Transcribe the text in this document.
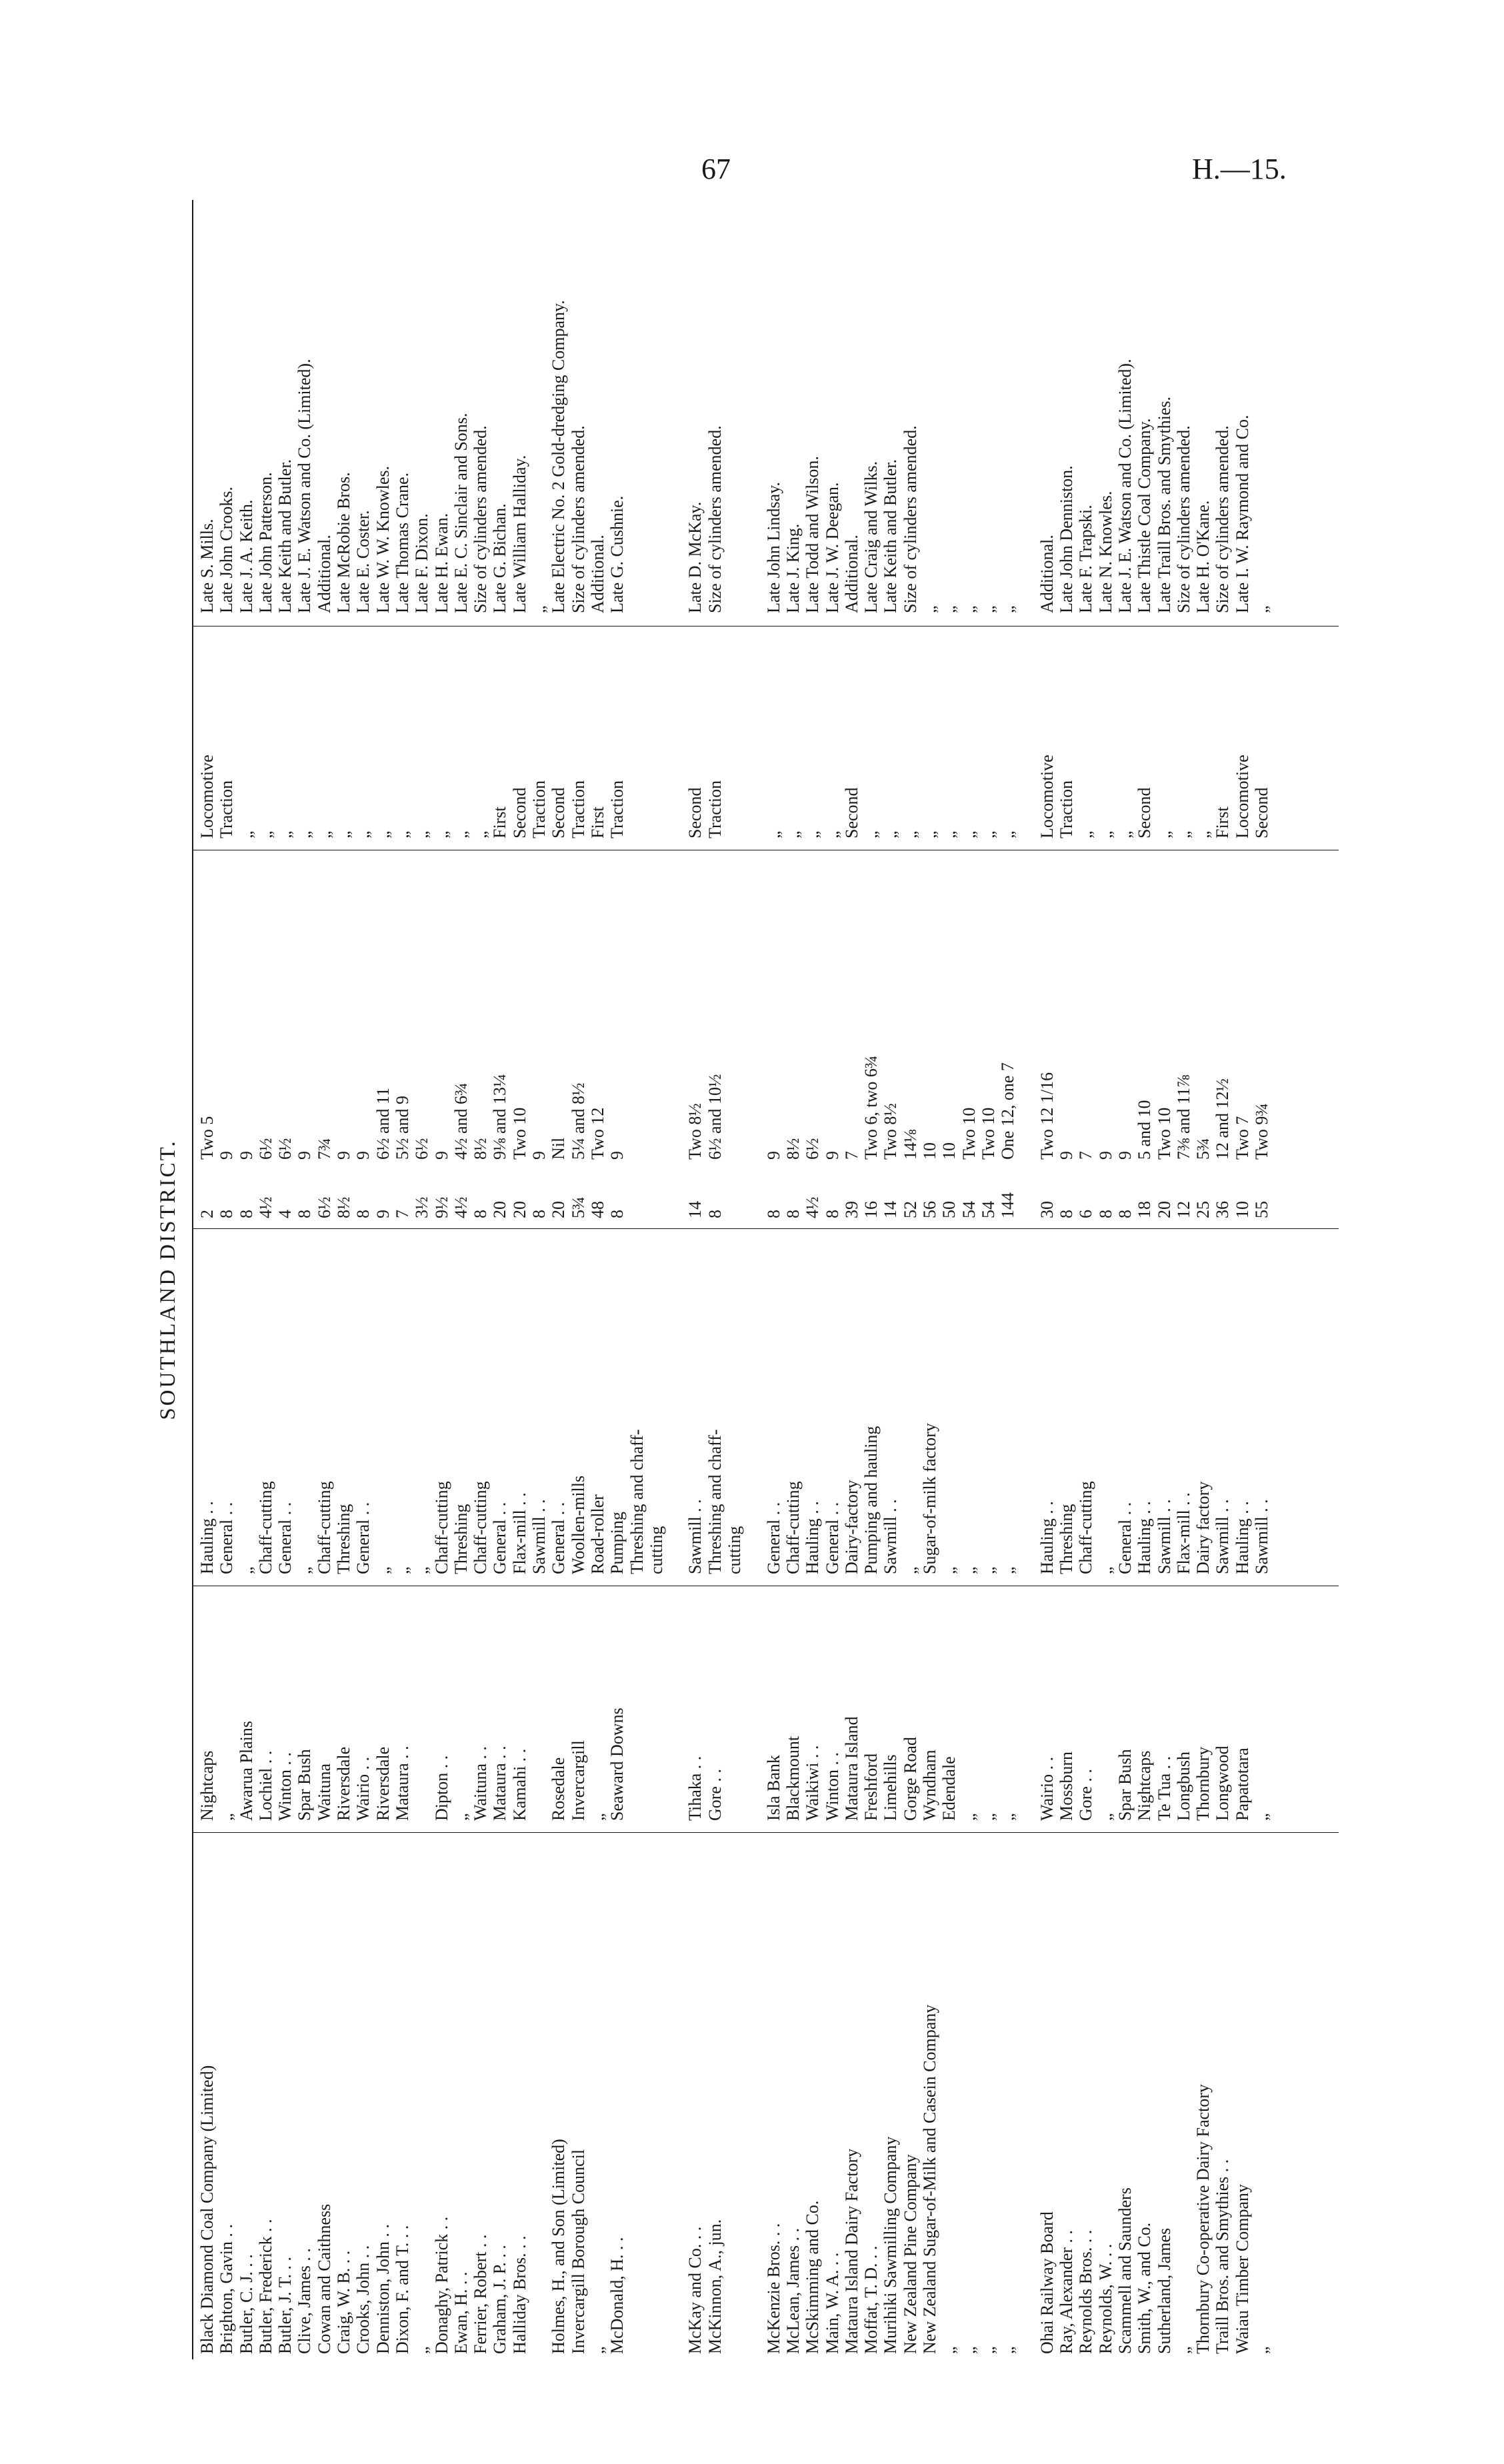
67	H.—15.
SOUTHLAND DISTRICT.
Black Diamond Coal Company (Limited)
Nightcaps
Hauling . .
2
Two 5
Locomotive
Late S. Mills.
Brighton, Gavin . .
„
General . .
8
9
Traction
Late John Crooks.
Butler, C. J. . .
Awarua Plains
„
8
9
„
Late J. A. Keith.
Butler, Frederick . .
Lochiel . .
Chaff-cutting
4½
6½
„
Late John Patterson.
Butler, J. T. . .
Winton . .
General . .
4
6½
„
Late Keith and Butler.
Clive, James . .
Spar Bush
„
8
9
„
Late J. E. Watson and Co. (Limited).
Cowan and Caithness
Waituna
Chaff-cutting
6½
7¾
„
Additional.
Craig, W. B. . .
Riversdale
Threshing
8½
9
„
Late McRobie Bros.
Crooks, John . .
Wairio . .
General . .
8
9
„
Late E. Coster.
Denniston, John . .
Riversdale
„
9
6½ and 11
„
Late W. W. Knowles.
Dixon, F. and T. . .
Mataura . .
„
7
5½ and 9
„
Late Thomas Crane.
„
„
3½
6½
„
Late F. Dixon.
Donaghy, Patrick . .
Dipton . .
Chaff-cutting
9½
9
„
Late H. Ewan.
Ewan, H. . .
„
Threshing
4½
4½ and 6¾
„
Late E. C. Sinclair and Sons.
Ferrier, Robert . .
Waituna . .
Chaff-cutting
8
8½
„
Size of cylinders amended.
Graham, J. P. . .
Mataura . .
General . .
20
9⅛ and 13¼
First
Late G. Bichan.
Halliday Bros. . .
Kamahi . .
Flax-mill . .
20
Two 10
Second
Late William Halliday.
Sawmill . .
8
9
Traction
„
Holmes, H., and Son (Limited)
Rosedale
General . .
20
Nil
Second
Late Electric No. 2 Gold-dredging Company.
Invercargill Borough Council
Invercargill
Woollen-mills
5¾
5¼ and 8½
Traction
Size of cylinders amended.
„
„
Road-roller
48
Two 12
First
Additional.
McDonald, H. . .
Seaward Downs
Pumping
8
9
Traction
Late G. Cushnie.
Threshing and chaff- cutting
McKay and Co. . .
Tihaka . .
Sawmill . .
14
Two 8½
Second
Late D. McKay.
McKinnon, A., jun.
Gore . .
Threshing and chaff-
8
6½ and 10½
Traction
Size of cylinders amended.
cutting
McKenzie Bros. . .
Isla Bank
General . .
8
9
„
Late John Lindsay.
McLean, James . .
Blackmount
Chaff-cutting
8
8½
„
Late J. King.
McSkimming and Co.
Waikiwi . .
Hauling . .
4½
6½
„
Late Todd and Wilson.
Main, W. A. . .
Winton . .
General . .
8
9
„
Late J. W. Deegan.
Mataura Island Dairy Factory
Mataura Island
Dairy-factory
39
7
Second
Additional.
Moffat, T. D. . .
Freshford
Pumping and hauling
16
Two 6, two 6¾
„
Late Craig and Wilks.
Murihiki Sawmilling Company
Limehills
Sawmill . .
14
Two 8½
„
Late Keith and Butler.
New Zealand Pine Company
Gorge Road
„
52
14⅛
„
Size of cylinders amended.
New Zealand Sugar-of-Milk and Casein Company
Wyndham
Sugar-of-milk factory
56
10
„
„
„
Edendale
„
50
10
„
„
„
„
„
54
Two 10
„
„
„
„
„
54
Two 10
„
„
„
„
„
144
One 12, one 7
„
„
Ohai Railway Board
Wairio . .
Hauling . .
30
Two 12 1/16
Locomotive
Additional.
Ray, Alexander . .
Mossburn
Threshing
8
9
Traction
Late John Denniston.
Reynolds Bros. . .
Gore . .
Chaff-cutting
6
7
„
Late F. Trapski.
Reynolds, W. . .
„
„
8
9
„
Late N. Knowles.
Scammell and Saunders
Spar Bush
General . .
8
9
„
Late J. E. Watson and Co. (Limited).
Smith, W., and Co.
Nightcaps
Hauling . .
18
5 and 10
Second
Late Thistle Coal Company.
Sutherland, James
Te Tua . .
Sawmill . .
20
Two 10
„
Late Traill Bros. and Smythies.
„
Longbush
Flax-mill . .
12
7⅜ and 11⅞
„
Size of cylinders amended.
Thornbury Co-operative Dairy Factory
Thornbury
Dairy factory
25
5¾
„
Late H. O'Kane.
Traill Bros. and Smythies . .
Longwood
Sawmill . .
36
12 and 12½
First
Size of cylinders amended.
Waiau Timber Company
Papatotara
Hauling . .
10
Two 7
Locomotive
Late I. W. Raymond and Co.
„
„
Sawmill . .
55
Two 9¾
Second
„
